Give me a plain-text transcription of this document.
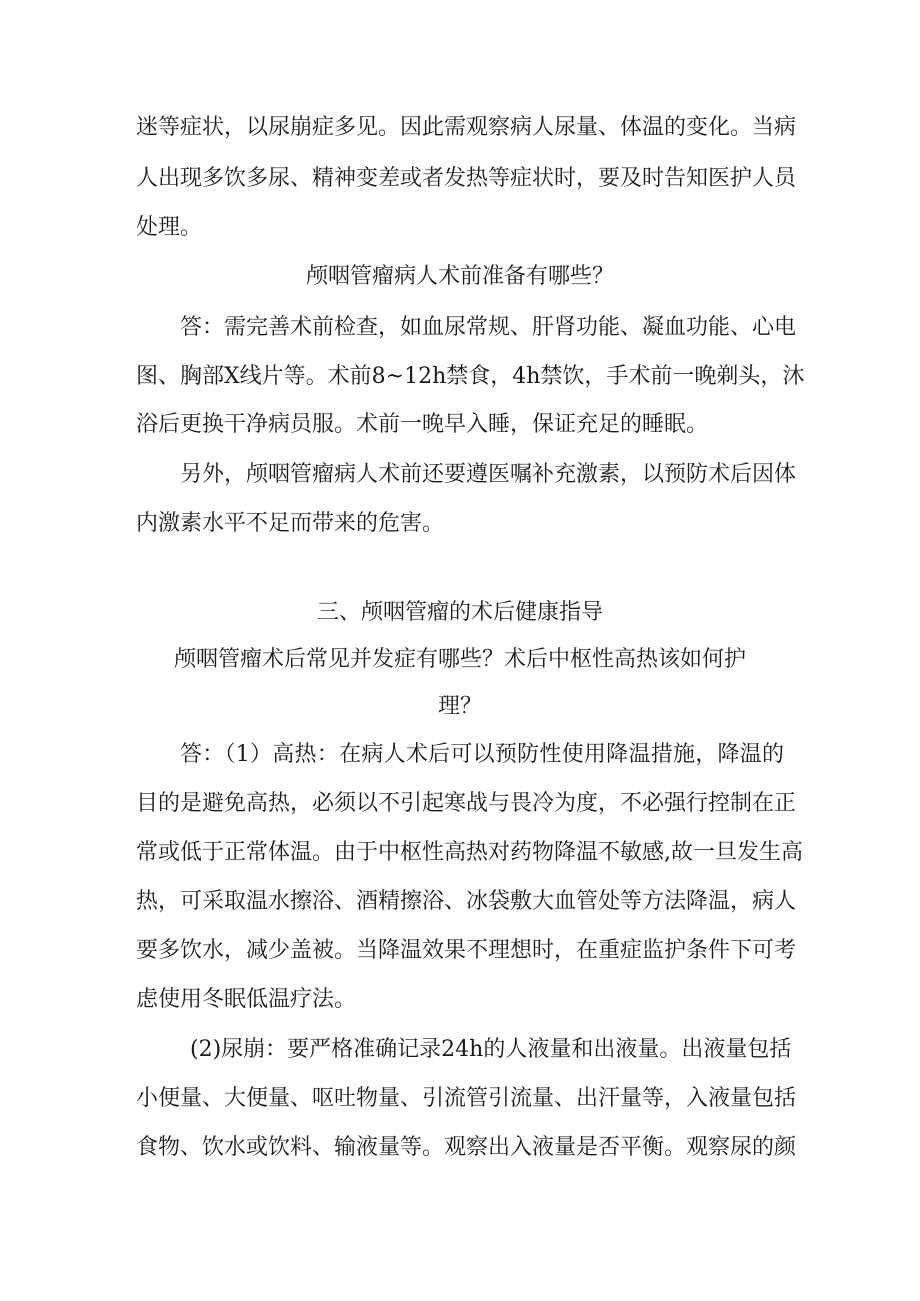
迷等症状，以尿崩症多见。因此需观察病人尿量、体温的变化。当病
人出现多饮多尿、精神变差或者发热等症状时，要及时告知医护人员
处理。
颅咽管瘤病人术前准备有哪些？
答：需完善术前检查，如血尿常规、肝肾功能、凝血功能、心电
图、胸部X线片等。术前8~12h禁食，4h禁饮，手术前一晚剃头，沐
浴后更换干净病员服。术前一晚早入睡，保证充足的睡眠。
另外，颅咽管瘤病人术前还要遵医嘱补充激素，以预防术后因体
内激素水平不足而带来的危害。
三、颅咽管瘤的术后健康指导
颅咽管瘤术后常见并发症有哪些？术后中枢性高热该如何护
理？
答：（1）高热：在病人术后可以预防性使用降温措施，降温的
目的是避免高热，必须以不引起寒战与畏冷为度，不必强行控制在正
常或低于正常体温。由于中枢性高热对药物降温不敏感,故一旦发生高
热，可采取温水擦浴、酒精擦浴、冰袋敷大血管处等方法降温，病人
要多饮水，减少盖被。当降温效果不理想时，在重症监护条件下可考
虑使用冬眠低温疗法。
(2)尿崩：要严格准确记录24h的人液量和出液量。出液量包括
小便量、大便量、呕吐物量、引流管引流量、出汗量等，入液量包括
食物、饮水或饮料、输液量等。观察出入液量是否平衡。观察尿的颜
